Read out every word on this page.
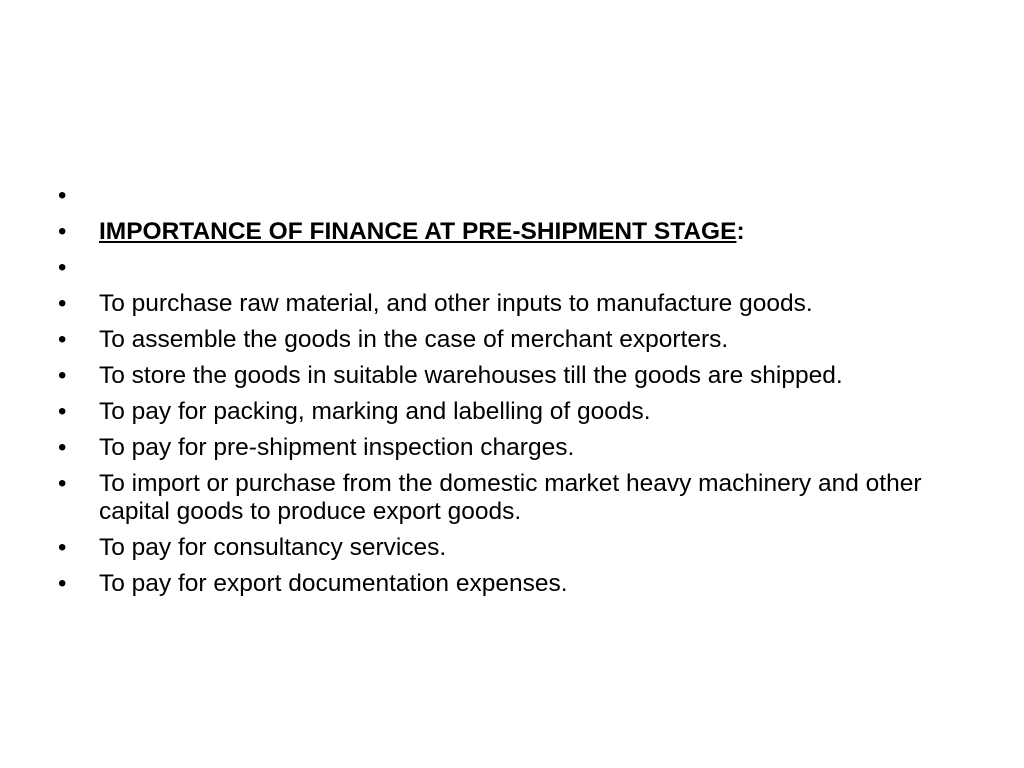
•
•	IMPORTANCE OF FINANCE AT PRE-SHIPMENT STAGE:
•
•	To purchase raw material, and other inputs to manufacture goods.
•	To assemble the goods in the case of merchant exporters.
•	To store the goods in suitable warehouses till the goods are shipped.
•	To pay for packing, marking and labelling of goods.
•	To pay for pre-shipment inspection charges.
•	To import or purchase from the domestic market heavy machinery and other capital goods to produce export goods.
•	To pay for consultancy services.
•	To pay for export documentation expenses.
